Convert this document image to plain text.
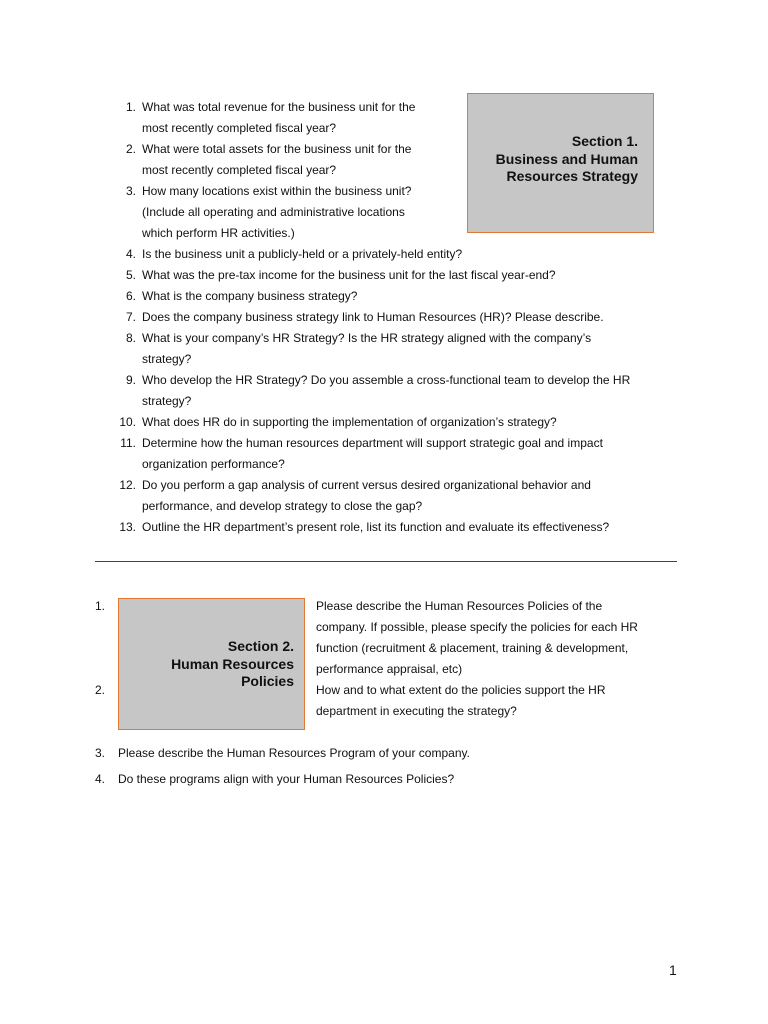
1. What was total revenue for the business unit for the
most recently completed fiscal year?
2. What were total assets for the business unit for the
most recently completed fiscal year?
3. How many locations exist within the business unit?
(Include all operating and administrative locations
which perform HR activities.)
4. Is the business unit a publicly-held or a privately-held entity?
5. What was the pre-tax income for the business unit for the last fiscal year-end?
6. What is the company business strategy?
7. Does the company business strategy link to Human Resources (HR)? Please describe.
8. What is your company’s HR Strategy? Is the HR strategy aligned with the company’s
strategy?
9. Who develop the HR Strategy? Do you assemble a cross-functional team to develop the HR
strategy?
10. What does HR do in supporting the implementation of organization’s strategy?
11. Determine how the human resources department will support strategic goal and impact
organization performance?
12. Do you perform a gap analysis of current versus desired organizational behavior and
performance, and develop strategy to close the gap?
13. Outline the HR department’s present role, list its function and evaluate its effectiveness?
Section 1.
Business and Human
Resources Strategy
Section 2.
Human Resources
Policies
1.
2.
Please describe the Human Resources Policies of the
company. If possible, please specify the policies for each HR
function (recruitment & placement, training & development,
performance appraisal, etc)
How and to what extent do the policies support the HR
department in executing the strategy?
3. Please describe the Human Resources Program of your company.
4. Do these programs align with your Human Resources Policies?
1
